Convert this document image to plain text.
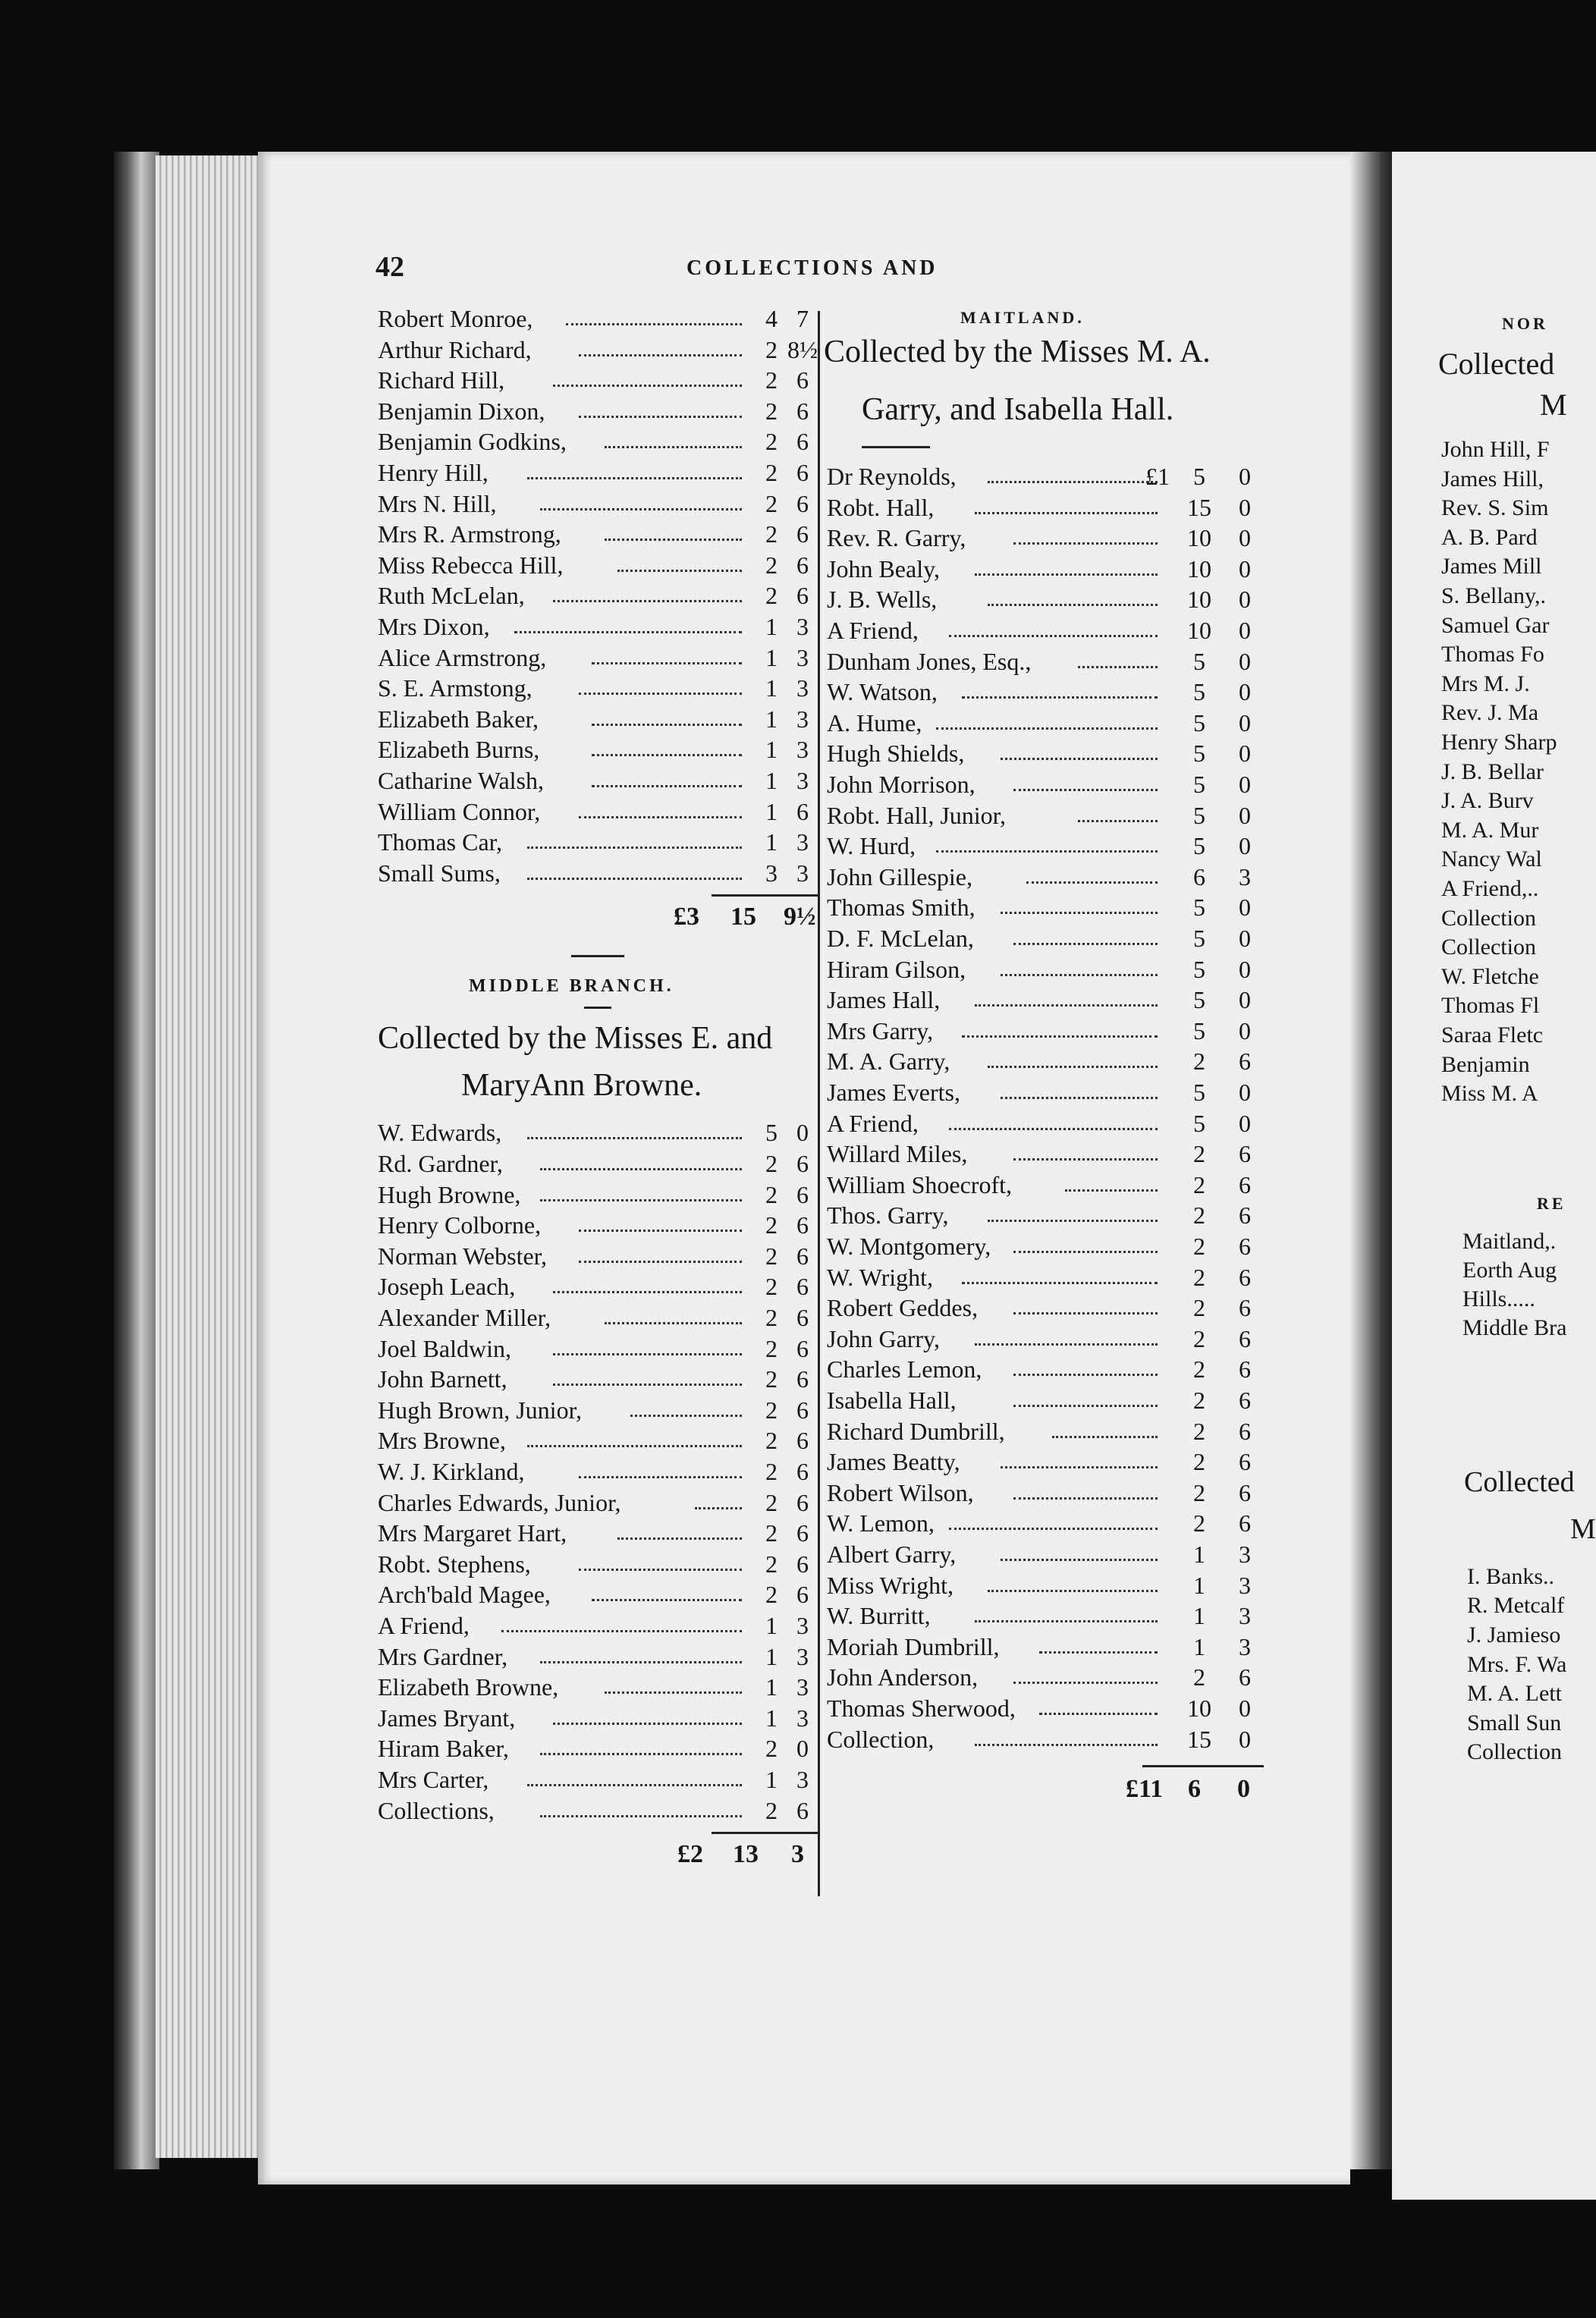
42	COLLECTIONS AND
Robert Monroe,	4 7
Arthur Richard,	2 8½
Richard Hill,	2 6
Benjamin Dixon,	2 6
Benjamin Godkins,	2 6
Henry Hill,	2 6
Mrs N. Hill,	2 6
Mrs R. Armstrong,	2 6
Miss Rebecca Hill,	2 6
Ruth McLelan,	2 6
Mrs Dixon,	1 3
Alice Armstrong,	1 3
S. E. Armstong,	1 3
Elizabeth Baker,	1 3
Elizabeth Burns,	1 3
Catharine Walsh,	1 3
William Connor,	1 6
Thomas Car,	1 3
Small Sums,	3 3
£3 15 9½
MIDDLE BRANCH.
Collected by the Misses E. and
MaryAnn Browne.
W. Edwards,	5 0
Rd. Gardner,	2 6
Hugh Browne,	2 6
Henry Colborne,	2 6
Norman Webster,	2 6
Joseph Leach,	2 6
Alexander Miller,	2 6
Joel Baldwin,	2 6
John Barnett,	2 6
Hugh Brown, Junior,	2 6
Mrs Browne,	2 6
W. J. Kirkland,	2 6
Charles Edwards, Junior,	2 6
Mrs Margaret Hart,	2 6
Robt. Stephens,	2 6
Arch'bald Magee,	2 6
A Friend,	1 3
Mrs Gardner,	1 3
Elizabeth Browne,	1 3
James Bryant,	1 3
Hiram Baker,	2 0
Mrs Carter,	1 3
Collections,	2 6
£2 13 3
MAITLAND.
Collected by the Misses M. A.
Garry, and Isabella Hall.
Dr Reynolds,	£1 5	0
Robt. Hall,	15	0
Rev. R. Garry,	10	0
John Bealy,	10	0
J. B. Wells,	10	0
A Friend,	10	0
Dunham Jones, Esq.,	5	0
W. Watson,	5	0
A. Hume,	5	0
Hugh Shields,	5	0
John Morrison,	5	0
Robt. Hall, Junior,	5	0
W. Hurd,	5	0
John Gillespie,	6	3
Thomas Smith,	5	0
D. F. McLelan,	5	0
Hiram Gilson,	5	0
James Hall,	5	0
Mrs Garry,	5	0
M. A. Garry,	2	6
James Everts,	5	0
A Friend,	5	0
Willard Miles,	2	6
William Shoecroft,	2	6
Thos. Garry,	2	6
W. Montgomery,	2	6
W. Wright,	2	6
Robert Geddes,	2	6
John Garry,	2	6
Charles Lemon,	2	6
Isabella Hall,	2	6
Richard Dumbrill,	2	6
James Beatty,	2	6
Robert Wilson,	2	6
W. Lemon,	2	6
Albert Garry,	1	3
Miss Wright,	1	3
W. Burritt,	1	3
Moriah Dumbrill,	1	3
John Anderson,	2	6
Thomas Sherwood,	10	0
Collection,	15	0
£11 6 0
NOR
Collected
M
John Hill, F
James Hill,
Rev. S. Sim
A. B. Pard
James Mill
S. Bellany,.
Samuel Gar
Thomas Fo
Mrs M. J.
Rev. J. Ma
Henry Sharp
J. B. Bellar
J. A. Burv
M. A. Mur
Nancy Wal
A Friend,..
Collection
Collection
W. Fletche
Thomas Fl
Saraa Fletc
Benjamin
Miss M. A
RE
Maitland,.
Eorth Aug
Hills.....
Middle Bra
Collected
M
I. Banks..
R. Metcalf
J. Jamieso
Mrs. F. Wa
M. A. Lett
Small Sun
Collection
